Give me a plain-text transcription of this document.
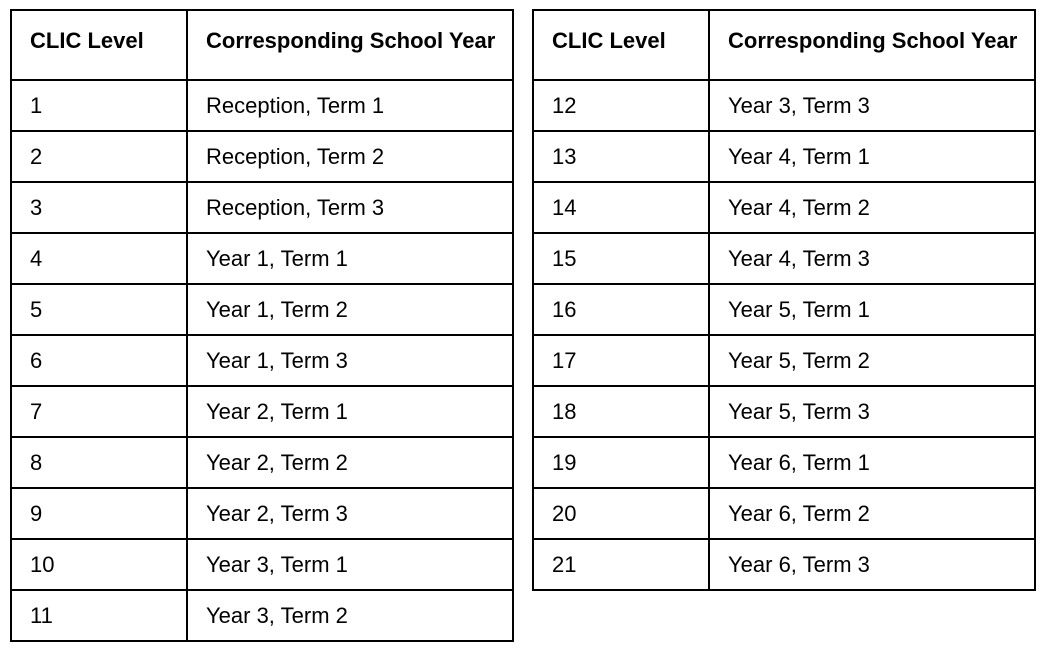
CLIC Level	Corresponding School Year
1	Reception, Term 1
2	Reception, Term 2
3	Reception, Term 3
4	Year 1, Term 1
5	Year 1, Term 2
6	Year 1, Term 3
7	Year 2, Term 1
8	Year 2, Term 2
9	Year 2, Term 3
10	Year 3, Term 1
11	Year 3, Term 2
CLIC Level	Corresponding School Year
12	Year 3, Term 3
13	Year 4, Term 1
14	Year 4, Term 2
15	Year 4, Term 3
16	Year 5, Term 1
17	Year 5, Term 2
18	Year 5, Term 3
19	Year 6, Term 1
20	Year 6, Term 2
21	Year 6, Term 3
